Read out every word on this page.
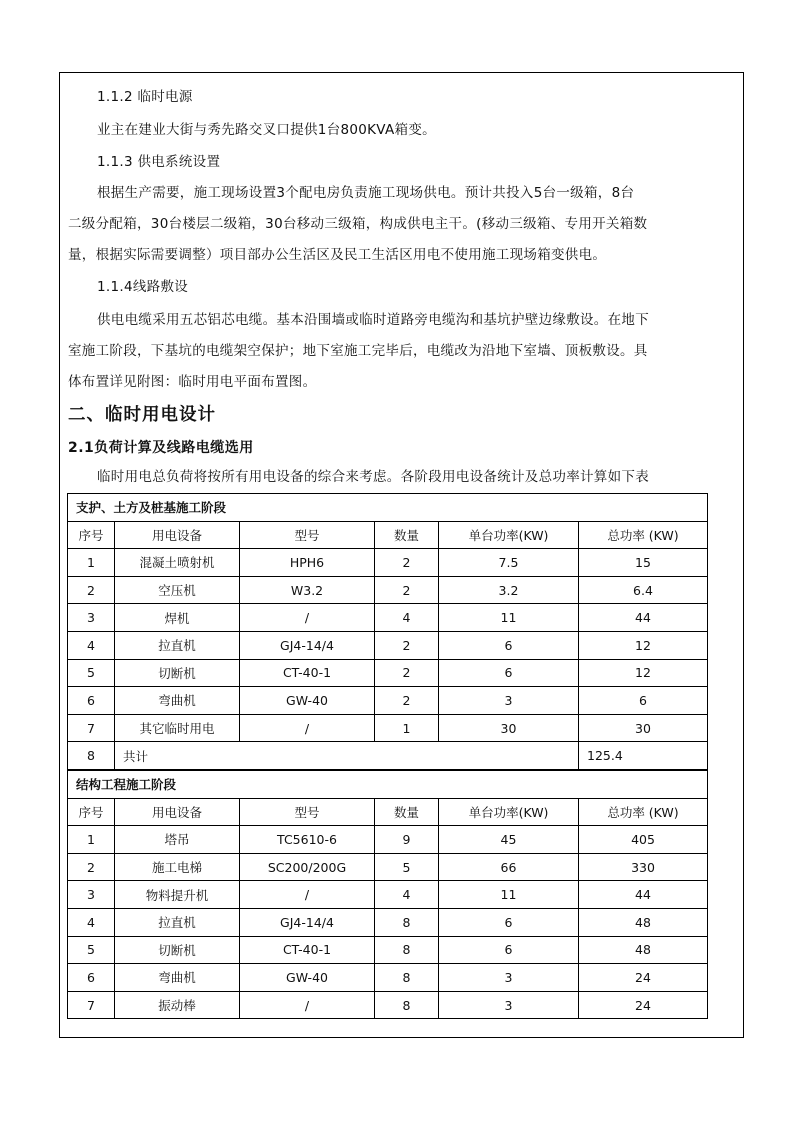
1.1.2 临时电源
业主在建业大街与秀先路交叉口提供1台800KVA箱变。
1.1.3 供电系统设置
根据生产需要，施工现场设置3个配电房负责施工现场供电。预计共投入5台一级箱，8台
二级分配箱，30台楼层二级箱，30台移动三级箱，构成供电主干。(移动三级箱、专用开关箱数
量，根据实际需要调整）项目部办公生活区及民工生活区用电不使用施工现场箱变供电。
1.1.4线路敷设
供电电缆采用五芯铝芯电缆。基本沿围墙或临时道路旁电缆沟和基坑护壁边缘敷设。在地下
室施工阶段，下基坑的电缆架空保护；地下室施工完毕后，电缆改为沿地下室墙、顶板敷设。具
体布置详见附图：临时用电平面布置图。
二、临时用电设计
2.1负荷计算及线路电缆选用
临时用电总负荷将按所有用电设备的综合来考虑。各阶段用电设备统计及总功率计算如下表
支护、土方及桩基施工阶段					
序号	用电设备	型号	数量	单台功率(KW)	总功率 (KW)
1	混凝土喷射机	HPH6	2	7.5	15
2	空压机	W3.2	2	3.2	6.4
3	焊机	/	4	11	44
4	拉直机	GJ4-14/4	2	6	12
5	切断机	CT-40-1	2	6	12
6	弯曲机	GW-40	2	3	6
7	其它临时用电	/	1	30	30
8	共计				125.4
结构工程施工阶段					
序号	用电设备	型号	数量	单台功率(KW)	总功率 (KW)
1	塔吊	TC5610-6	9	45	405
2	施工电梯	SC200/200G	5	66	330
3	物料提升机	/	4	11	44
4	拉直机	GJ4-14/4	8	6	48
5	切断机	CT-40-1	8	6	48
6	弯曲机	GW-40	8	3	24
7	振动棒	/	8	3	24
